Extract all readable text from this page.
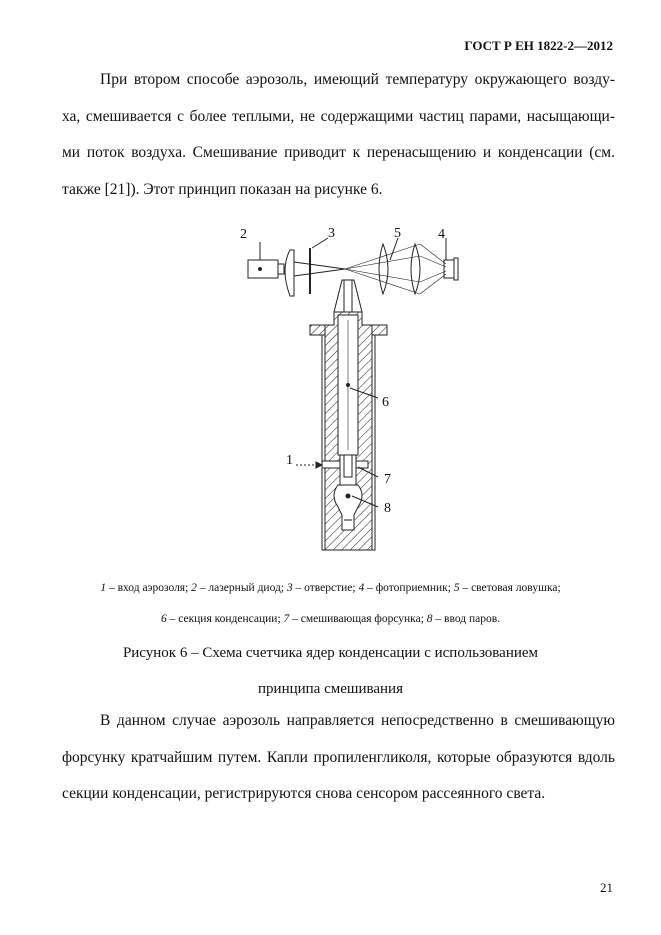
ГОСТ Р ЕН 1822-2—2012
При втором способе аэрозоль, имеющий температуру окружающего возду-
ха, смешивается с более теплыми, не содержащими частиц парами, насыщающи-
ми поток воздуха. Смешивание приводит к перенасыщению и конденсации (см.
также [21]). Этот принцип показан на рисунке 6.
1
2	3	4
5
6
7
8
1 – вход аэрозоля; 2 – лазерный диод; 3 – отверстие; 4 – фотоприемник; 5 – световая ловушка;
6 – секция конденсации; 7 – смешивающая форсунка; 8 – ввод паров.
Рисунок 6 – Схема счетчика ядер конденсации с использованием
принципа смешивания
В данном случае аэрозоль направляется непосредственно в смешивающую
форсунку кратчайшим путем. Капли пропиленгликоля, которые образуются вдоль
секции конденсации, регистрируются снова сенсором рассеянного света.
21
